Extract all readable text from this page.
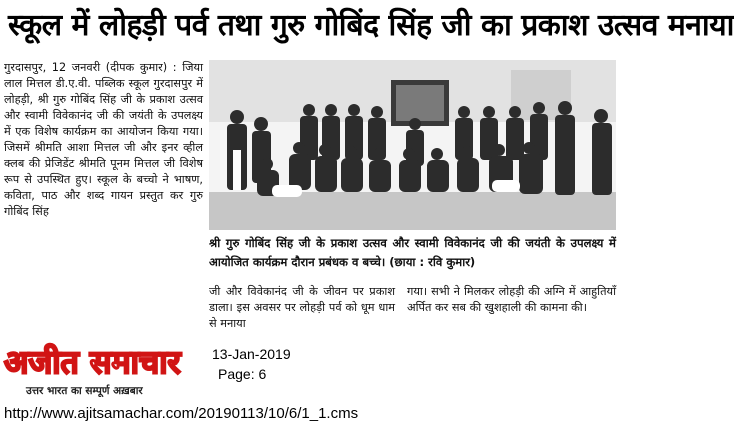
स्कूल में लोहड़ी पर्व तथा गुरु गोबिंद सिंह जी का प्रकाश उत्सव मनाया
गुरदासपुर, 12 जनवरी (दीपक कुमार) : जिया लाल मित्तल डी.ए.वी. पब्लिक स्कूल गुरदासपुर में लोहड़ी, श्री गुरु गोबिंद सिंह जी के प्रकाश उत्सव और स्वामी विवेकानंद जी की जयंती के उपलक्ष्य में एक विशेष कार्यक्रम का आयोजन किया गया। जिसमें श्रीमति आशा मित्तल जी और इनर व्हील क्लब की प्रेजिडेंट श्रीमति पूनम मित्तल जी विशेष रूप से उपस्थित हुए। स्कूल के बच्चो ने भाषण, कविता, पाठ और शब्द गायन प्रस्तुत कर गुरु गोबिंद सिंह
श्री गुरु गोबिंद सिंह जी के प्रकाश उत्सव और स्वामी विवेकानंद जी की जयंती के उपलक्ष्य में आयोजित कार्यक्रम दौरान प्रबंधक व बच्चे। (छाया : रवि कुमार)
जी और विवेकानंद जी के जीवन पर प्रकाश डाला। इस अवसर पर लोहड़ी पर्व को धूम धाम से मनाया
गया। सभी ने मिलकर लोहड़ी की अग्नि में आहुतियाँ अर्पित कर सब की खुशहाली की कामना की।
अजीत समाचार
उत्तर भारत का सम्पूर्ण अख़बार
13-Jan-2019
Page: 6
http://www.ajitsamachar.com/20190113/10/6/1_1.cms
